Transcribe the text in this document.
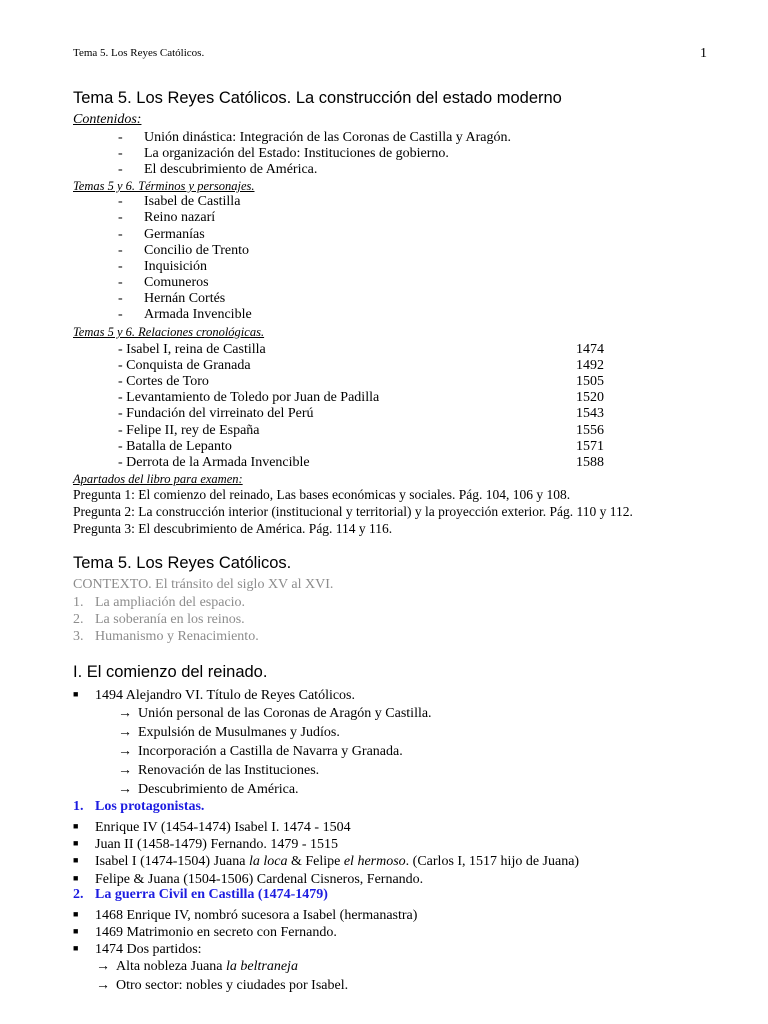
Tema 5. Los Reyes Católicos.	1
Tema 5. Los Reyes Católicos. La construcción del estado moderno
Contenidos:
- Unión dinástica: Integración de las Coronas de Castilla y Aragón.
- La organización del Estado: Instituciones de gobierno.
- El descubrimiento de América.
Temas 5 y 6. Términos y personajes.
- Isabel de Castilla
- Reino nazarí
- Germanías
- Concilio de Trento
- Inquisición
- Comuneros
- Hernán Cortés
- Armada Invencible
Temas 5 y 6. Relaciones cronológicas.
- Isabel I, reina de Castilla	1474
- Conquista de Granada	1492
- Cortes de Toro	1505
- Levantamiento de Toledo por Juan de Padilla	1520
- Fundación del virreinato del Perú	1543
- Felipe II, rey de España	1556
- Batalla de Lepanto	1571
- Derrota de la Armada Invencible	1588
Apartados del libro para examen:
Pregunta 1: El comienzo del reinado, Las bases económicas y sociales. Pág. 104, 106 y 108.
Pregunta 2: La construcción interior (institucional y territorial) y la proyección exterior. Pág. 110 y 112.
Pregunta 3: El descubrimiento de América. Pág. 114 y 116.
Tema 5. Los Reyes Católicos.
CONTEXTO. El tránsito del siglo XV al XVI.
1. La ampliación del espacio.
2. La soberanía en los reinos.
3. Humanismo y Renacimiento.
I. El comienzo del reinado.
■ 1494 Alejandro VI. Título de Reyes Católicos.
→ Unión personal de las Coronas de Aragón y Castilla.
→ Expulsión de Musulmanes y Judíos.
→ Incorporación a Castilla de Navarra y Granada.
→ Renovación de las Instituciones.
→ Descubrimiento de América.
1. Los protagonistas.
■ Enrique IV (1454-1474) Isabel I. 1474 - 1504
■ Juan II (1458-1479) Fernando. 1479 - 1515
■ Isabel I (1474-1504) Juana la loca & Felipe el hermoso. (Carlos I, 1517 hijo de Juana)
■ Felipe & Juana (1504-1506) Cardenal Cisneros, Fernando.
2. La guerra Civil en Castilla (1474-1479)
■ 1468 Enrique IV, nombró sucesora a Isabel (hermanastra)
■ 1469 Matrimonio en secreto con Fernando.
■ 1474 Dos partidos:
→ Alta nobleza Juana la beltraneja
→ Otro sector: nobles y ciudades por Isabel.
